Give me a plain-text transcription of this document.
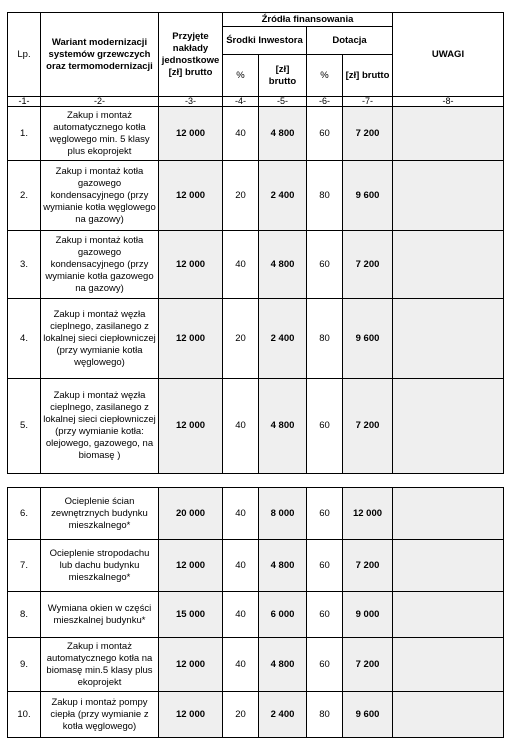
Lp.	Wariant modernizacji systemów grzewczych oraz termomodernizacji	Przyjęte nakłady jednostkowe [zł] brutto	Źródła finansowania				UWAGI
			Środki Inwestora		Dotacja		
			%	[zł] brutto	%	[zł] brutto	
-1-	-2-	-3-	-4-	-5-	-6-	-7-	-8-
1.	Zakup i montaż automatycznego kotła węglowego min. 5 klasy plus ekoprojekt	12 000	40	4 800	60	7 200	
2.	Zakup i montaż kotła gazowego kondensacyjnego (przy wymianie kotła węglowego na gazowy)	12 000	20	2 400	80	9 600	
3.	Zakup i montaż kotła gazowego kondensacyjnego (przy wymianie kotła gazowego na gazowy)	12 000	40	4 800	60	7 200	
4.	Zakup i montaż węzła cieplnego, zasilanego z lokalnej sieci ciepłowniczej (przy wymianie kotła węglowego)	12 000	20	2 400	80	9 600	
5.	Zakup i montaż węzła cieplnego, zasilanego z lokalnej sieci ciepłowniczej (przy wymianie kotła: olejowego, gazowego, na biomasę )	12 000	40	4 800	60	7 200	
6.	Ocieplenie ścian zewnętrznych budynku mieszkalnego*	20 000	40	8 000	60	12 000	
7.	Ocieplenie stropodachu lub dachu budynku mieszkalnego*	12 000	40	4 800	60	7 200	
8.	Wymiana okien w części mieszkalnej budynku*	15 000	40	6 000	60	9 000	
9.	Zakup i montaż automatycznego kotła na biomasę min.5 klasy plus ekoprojekt	12 000	40	4 800	60	7 200	
10.	Zakup i montaż pompy ciepła (przy wymianie z kotła węglowego)	12 000	20	2 400	80	9 600	
